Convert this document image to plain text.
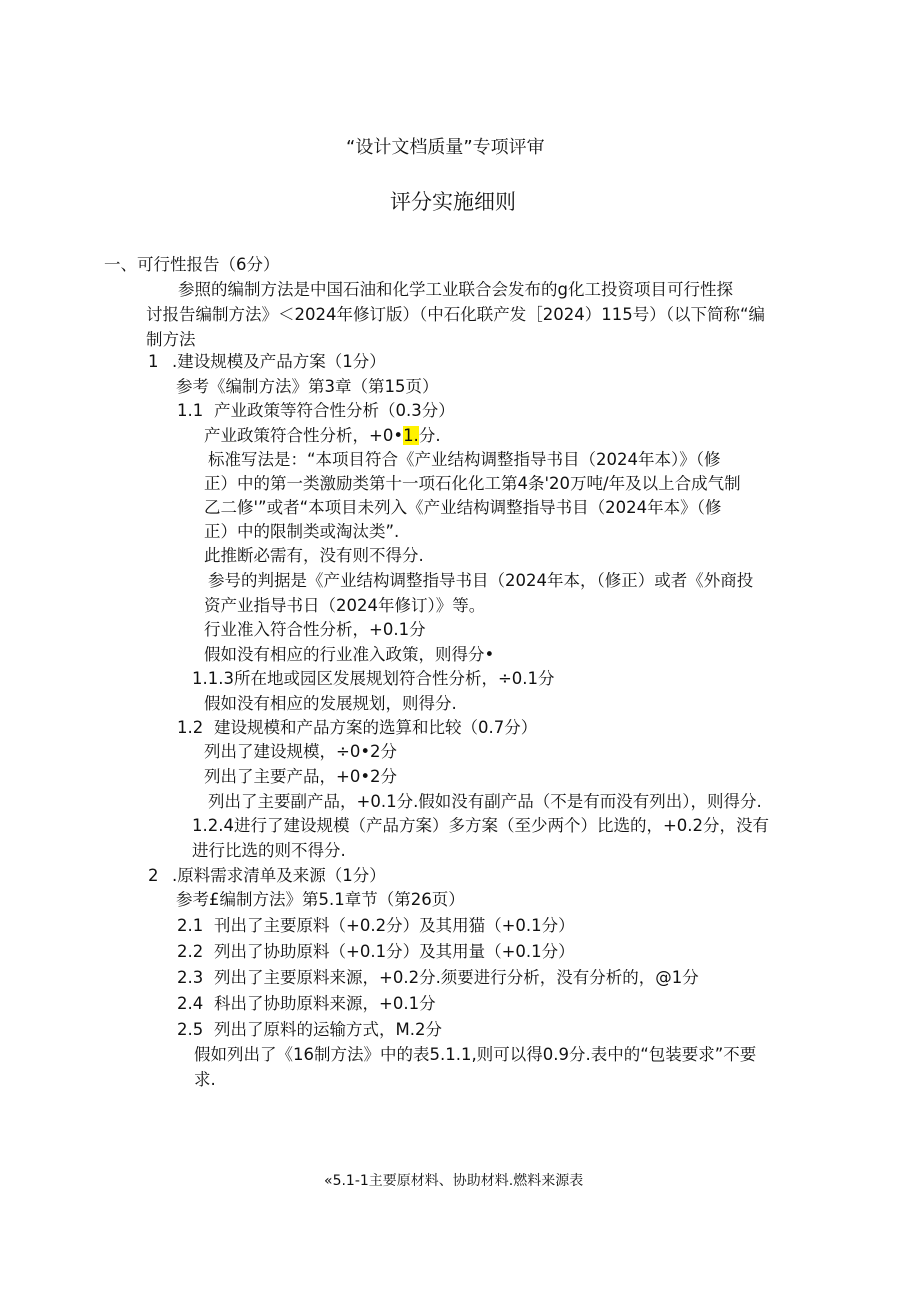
“设计文档质量”专项评审
评分实施细则
一、可行性报告（6分）
参照的编制方法是中国石油和化学工业联合会发布的g化工投资项目可行性探
讨报告编制方法》＜2024年修订版）（中石化联产发［2024）115号）（以下简称“编
制方法
1 .建设规模及产品方案（1分）
参考《编制方法》第3章（第15页）
1.1 产业政策等符合性分析（0.3分）
产业政策符合性分析，+0•1.分.
标准写法是：“本项目符合《产业结构调整指导书目（2024年本）》（修
正）中的第一类激励类第十一项石化化工第4条'20万吨/年及以上合成气制
乙二修'”或者“本项目未列入《产业结构调整指导书目（2024年本》（修
正）中的限制类或淘汰类”.
此推断必需有，没有则不得分.
参号的判据是《产业结构调整指导书目（2024年本，（修正）或者《外商投
资产业指导书日（2024年修订）》等。
行业准入符合性分析，+0.1分
假如没有相应的行业准入政策，则得分•
1.1.3所在地或园区发展规划符合性分析，÷0.1分
假如没有相应的发展规划，则得分.
1.2 建设规模和产品方案的选算和比较（0.7分）
列出了建设规模，÷0•2分
列出了主要产品，+0•2分
列出了主要副产品，+0.1分.假如没有副产品（不是有而没有列出），则得分.
1.2.4进行了建设规模（产品方案）多方案（至少两个）比选的，+0.2分，没有
进行比选的则不得分.
2 .原料需求清单及来源（1分）
参考£编制方法》第5.1章节（第26页）
2.1 刊出了主要原料（+0.2分）及其用猫（+0.1分）
2.2 列出了协助原料（+0.1分）及其用量（+0.1分）
2.3 列出了主要原料来源，+0.2分.须要进行分析，没有分析的，@1分
2.4 科出了协助原料来源，+0.1分
2.5 列出了原料的运输方式，M.2分
假如列出了《16制方法》中的表5.1.1,则可以得0.9分.表中的“包装要求”不要
求.
«5.1-1主要原材料、协助材料.燃料来源表
